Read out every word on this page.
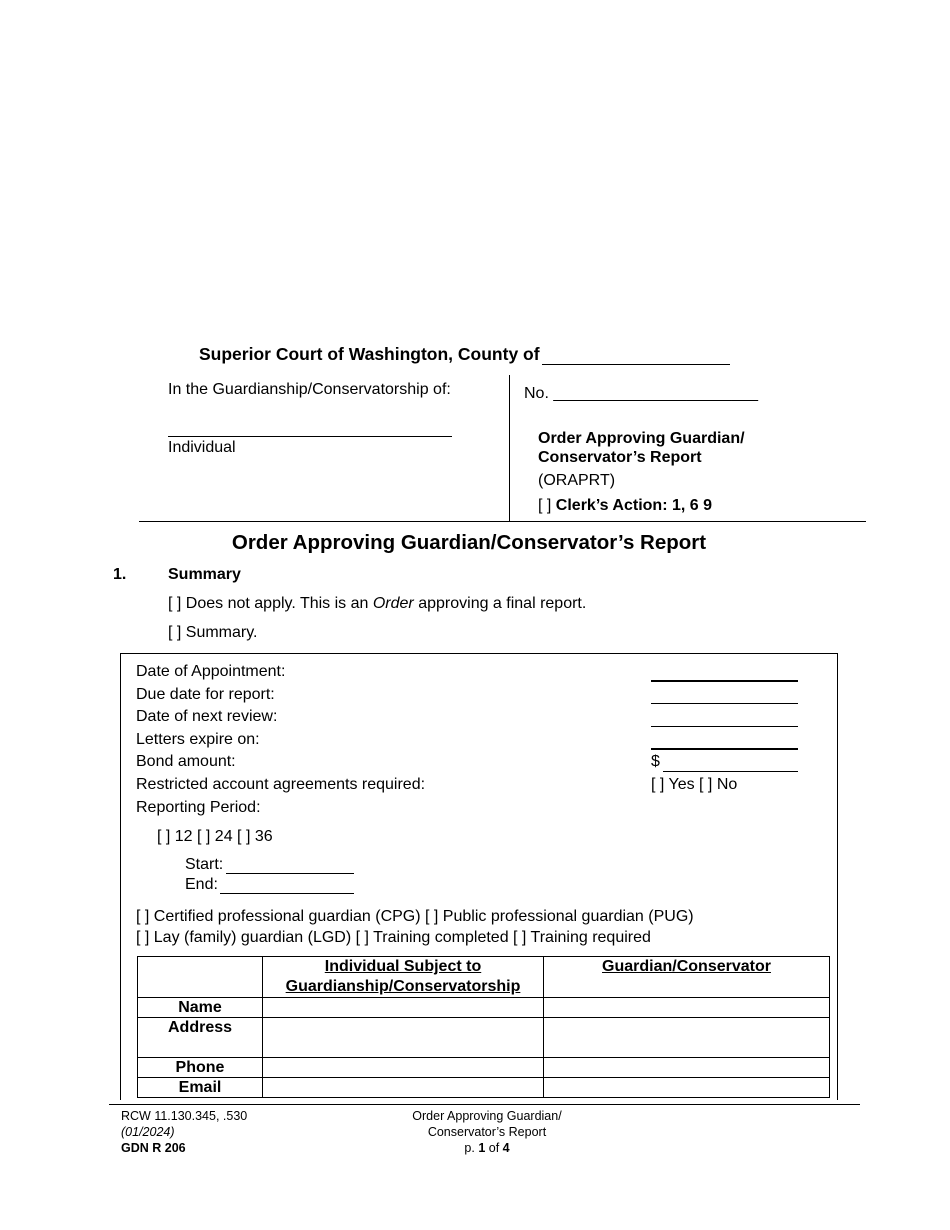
Superior Court of Washington, County of
In the Guardianship/Conservatorship of:
Individual
No. _______________________
Order Approving Guardian/
Conservator’s Report
(ORAPRT)
[ ] Clerk’s Action: 1, 6 9
Order Approving Guardian/Conservator’s Report
1.	Summary
[ ] Does not apply. This is an Order approving a final report.
[ ] Summary.
Date of Appointment:
Due date for report:
Date of next review:
Letters expire on:
Bond amount:	$
Restricted account agreements required:	[ ] Yes [ ] No
Reporting Period:
[ ] 12 [ ] 24 [ ] 36
Start:
End:
[ ] Certified professional guardian (CPG) [ ] Public professional guardian (PUG)
[ ] Lay (family) guardian (LGD) [ ] Training completed [ ] Training required

	Individual Subject to
Guardianship/Conservatorship	Guardian/Conservator
Name		
Address		
Phone		
Email		
RCW 11.130.345, .530
(01/2024)
GDN R 206
Order Approving Guardian/
Conservator’s Report
p. 1 of 4
